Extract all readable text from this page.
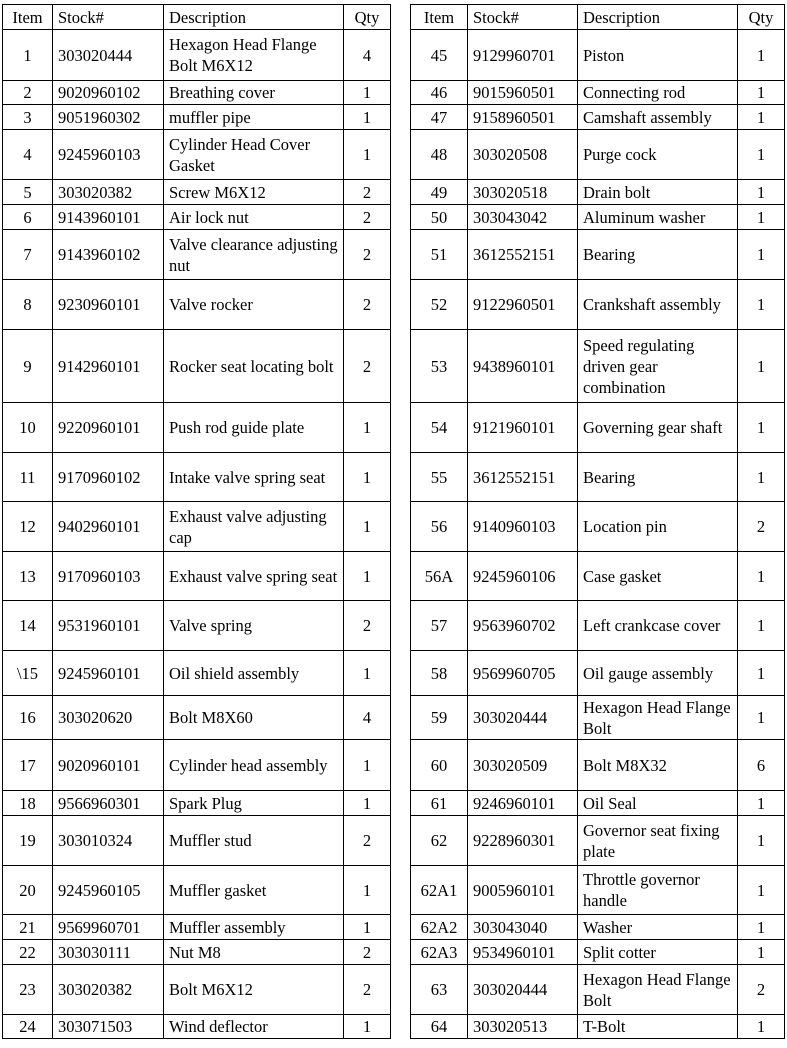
Item	Stock#	Description	Qty
1	303020444	Hexagon Head Flange Bolt M6X12	4
2	9020960102	Breathing cover	1
3	9051960302	muffler pipe	1
4	9245960103	Cylinder Head Cover Gasket	1
5	303020382	Screw M6X12	2
6	9143960101	Air lock nut	2
7	9143960102	Valve clearance adjusting nut	2
8	9230960101	Valve rocker	2
9	9142960101	Rocker seat locating bolt	2
10	9220960101	Push rod guide plate	1
11	9170960102	Intake valve spring seat	1
12	9402960101	Exhaust valve adjusting cap	1
13	9170960103	Exhaust valve spring seat	1
14	9531960101	Valve spring	2
\15	9245960101	Oil shield assembly	1
16	303020620	Bolt M8X60	4
17	9020960101	Cylinder head assembly	1
18	9566960301	Spark Plug	1
19	303010324	Muffler stud	2
20	9245960105	Muffler gasket	1
21	9569960701	Muffler assembly	1
22	303030111	Nut M8	2
23	303020382	Bolt M6X12	2
24	303071503	Wind deflector	1
Item	Stock#	Description	Qty
45	9129960701	Piston	1
46	9015960501	Connecting rod	1
47	9158960501	Camshaft assembly	1
48	303020508	Purge cock	1
49	303020518	Drain bolt	1
50	303043042	Aluminum washer	1
51	3612552151	Bearing	1
52	9122960501	Crankshaft assembly	1
53	9438960101	Speed regulating driven gear combination	1
54	9121960101	Governing gear shaft	1
55	3612552151	Bearing	1
56	9140960103	Location pin	2
56A	9245960106	Case gasket	1
57	9563960702	Left crankcase cover	1
58	9569960705	Oil gauge assembly	1
59	303020444	Hexagon Head Flange Bolt	1
60	303020509	Bolt M8X32	6
61	9246960101	Oil Seal	1
62	9228960301	Governor seat fixing plate	1
62A1	9005960101	Throttle governor handle	1
62A2	303043040	Washer	1
62A3	9534960101	Split cotter	1
63	303020444	Hexagon Head Flange Bolt	2
64	303020513	T-Bolt	1
